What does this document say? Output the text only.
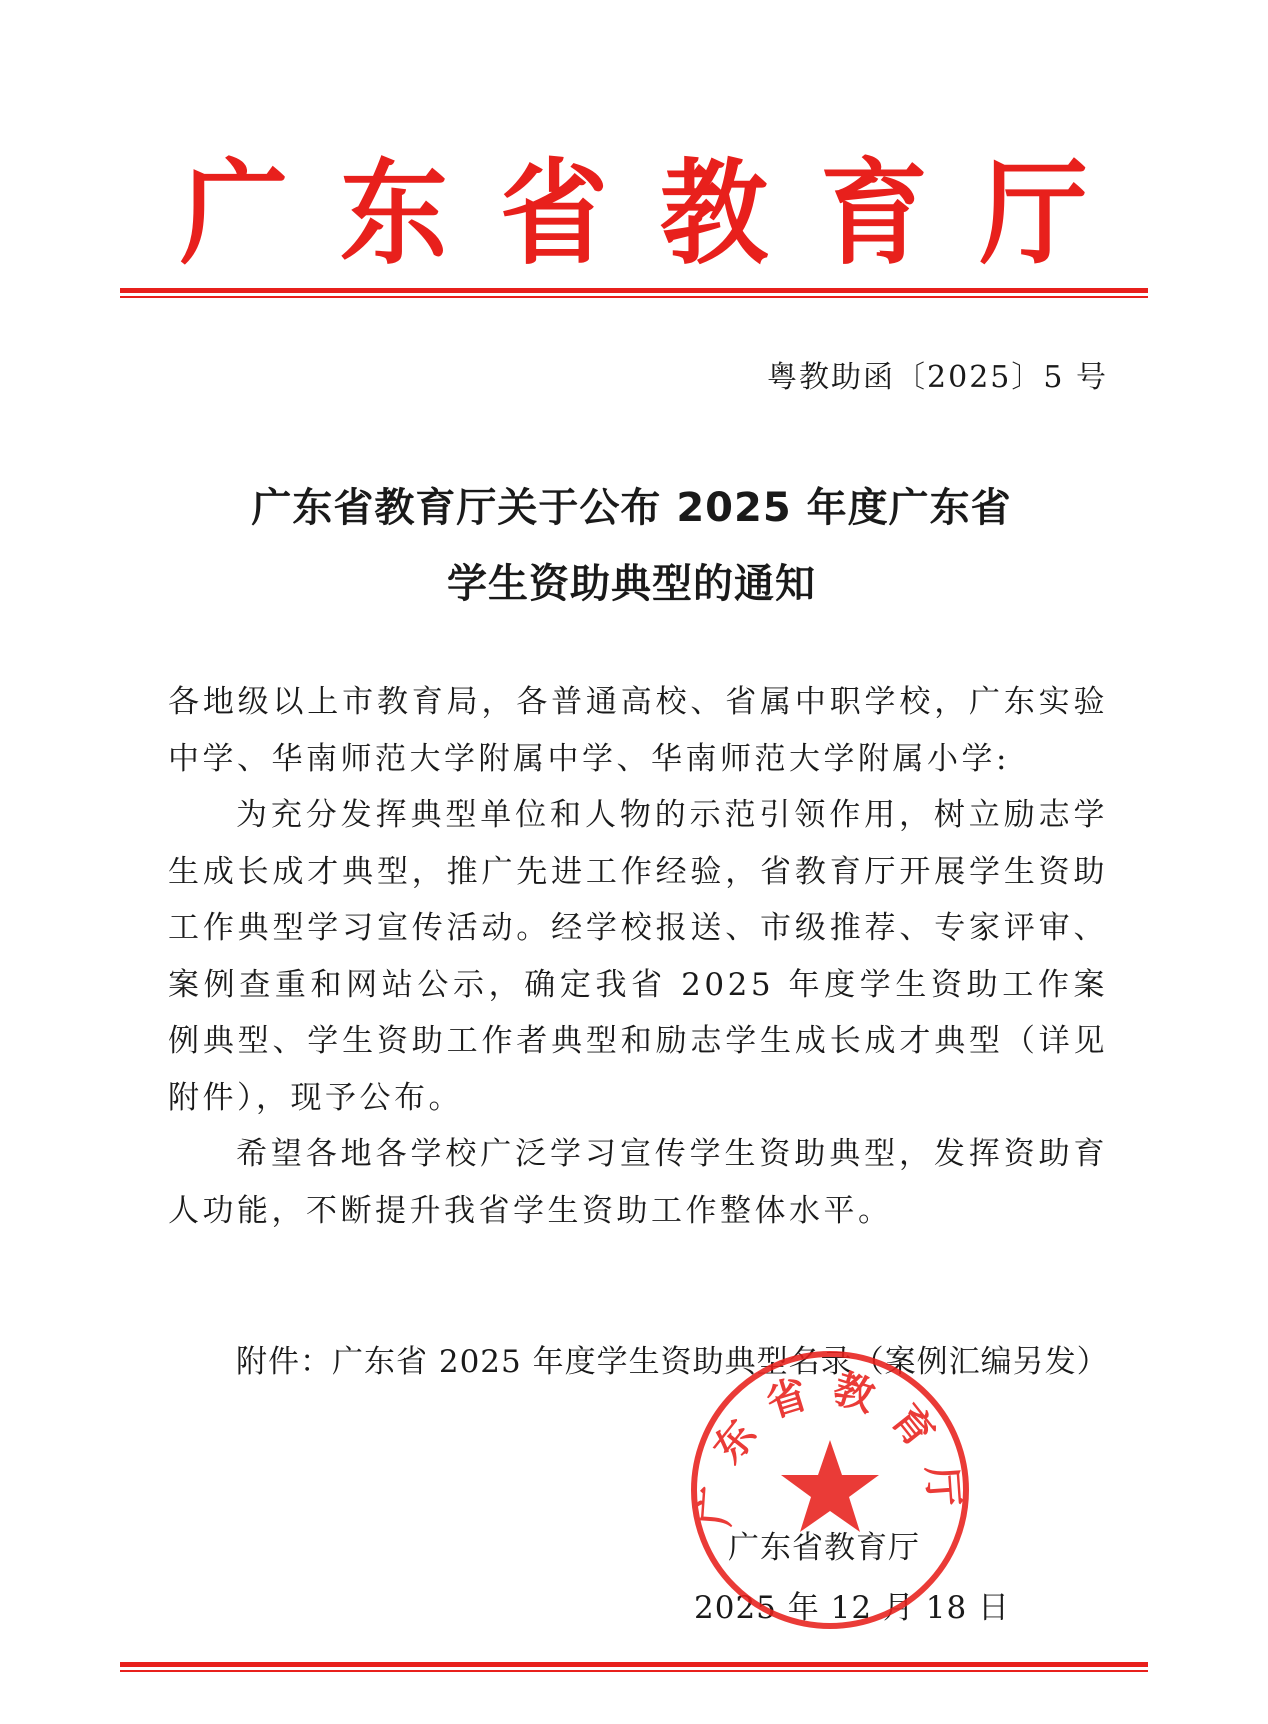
广 东 省 教 育 厅
粤教助函〔2025〕5 号
广东省教育厅关于公布 2025 年度广东省
学生资助典型的通知

各地级以上市教育局，各普通高校、省属中职学校，广东实验中学、华南师范大学附属中学、华南师范大学附属小学:

为充分发挥典型单位和人物的示范引领作用，树立励志学生成长成才典型，推广先进工作经验，省教育厅开展学生资助工作典型学习宣传活动。经学校报送、市级推荐、专家评审、案例查重和网站公示，确定我省 2025 年度学生资助工作案例典型、学生资助工作者典型和励志学生成长成才典型（详见附件），现予公布。

希望各地各学校广泛学习宣传学生资助典型，发挥资助育人功能，不断提升我省学生资助工作整体水平。

附件：广东省 2025 年度学生资助典型名录（案例汇编另发）
广东省教育厅
2025 年 12 月 18 日
广东省教育厅
